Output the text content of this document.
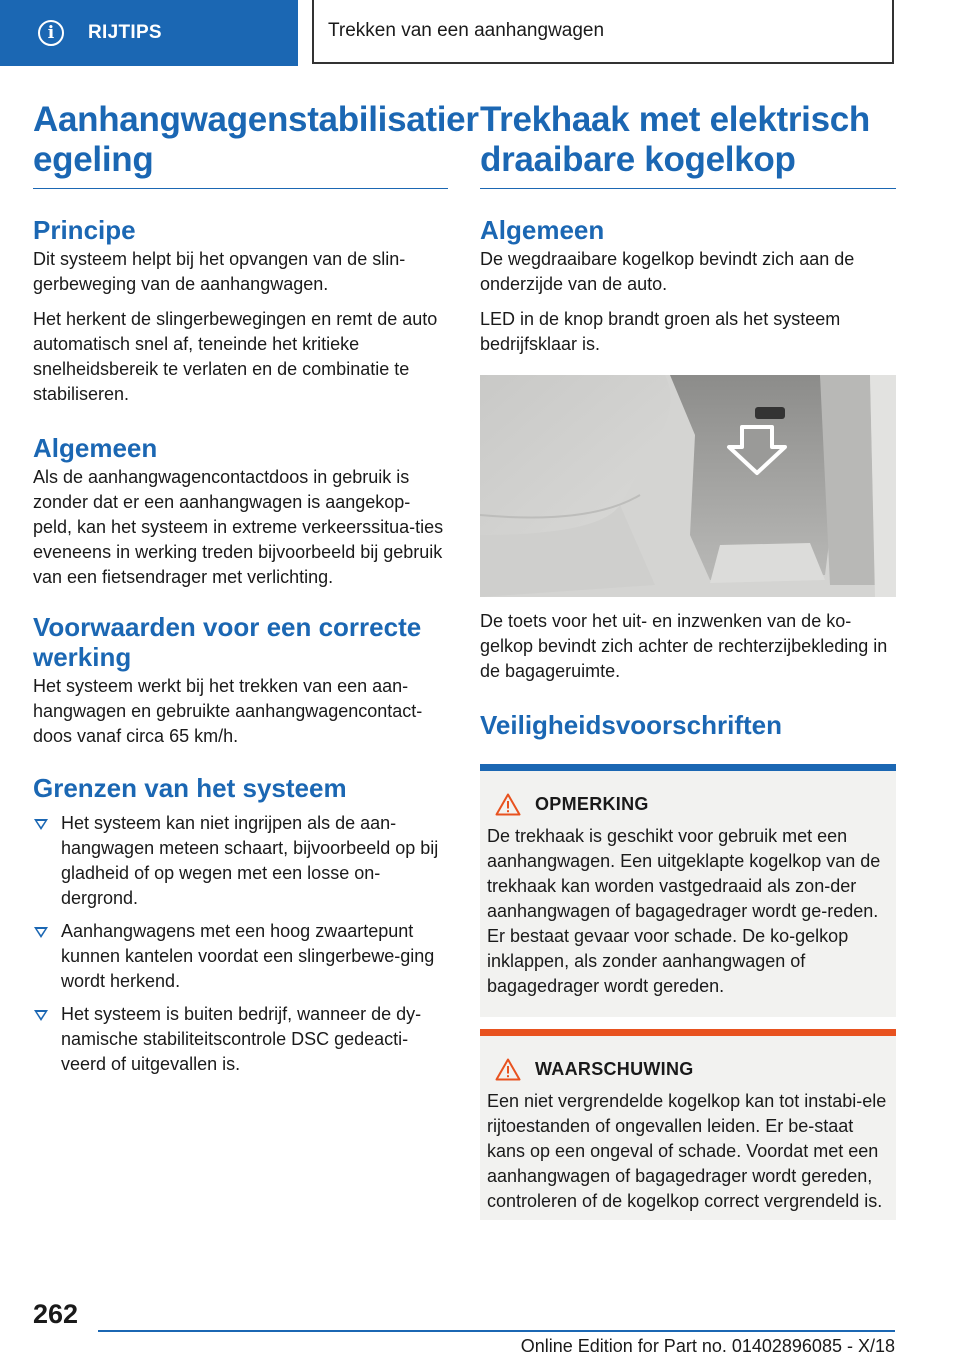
i	RIJTIPS	Trekken van een aanhangwagen
Aanhangwagenstabilisatier
egeling
Principe

Dit systeem helpt bij het opvangen van de slin-gerbeweging van de aanhangwagen.

Het herkent de slingerbewegingen en remt de auto automatisch snel af, teneinde het kritieke snelheidsbereik te verlaten en de combinatie te stabiliseren.

Algemeen

Als de aanhangwagencontactdoos in gebruik is zonder dat er een aanhangwagen is aangekop-peld, kan het systeem in extreme verkeerssitua-ties eveneens in werking treden bijvoorbeeld bij gebruik van een fietsendrager met verlichting.

Voorwaarden voor een correcte werking

Het systeem werkt bij het trekken van een aan-hangwagen en gebruikte aanhangwagencontact-doos vanaf circa 65 km/h.

Grenzen van het systeem
Het systeem kan niet ingrijpen als de aan-hangwagen meteen schaart, bijvoorbeeld op bij gladheid of op wegen met een losse on-dergrond.
Aanhangwagens met een hoog zwaartepunt kunnen kantelen voordat een slingerbewe-ging wordt herkend.
Het systeem is buiten bedrijf, wanneer de dy-namische stabiliteitscontrole DSC gedeacti-veerd of uitgevallen is.
Trekhaak met elektrisch
draaibare kogelkop
Algemeen

De wegdraaibare kogelkop bevindt zich aan de onderzijde van de auto.

LED in de knop brandt groen als het systeem bedrijfsklaar is.

De toets voor het uit- en inzwenken van de ko-gelkop bevindt zich achter de rechterzijbekleding in de bagageruimte.

Veiligheidsvoorschriften
OPMERKING

De trekhaak is geschikt voor gebruik met een aanhangwagen. Een uitgeklapte kogelkop van de trekhaak kan worden vastgedraaid als zon-der aanhangwagen of bagagedrager wordt ge-reden. Er bestaat gevaar voor schade. De ko-gelkop inklappen, als zonder aanhangwagen of bagagedrager wordt gereden.

WAARSCHUWING

Een niet vergrendelde kogelkop kan tot instabi-ele rijtoestanden of ongevallen leiden. Er be-staat kans op een ongeval of schade. Voordat met een aanhangwagen of bagagedrager wordt gereden, controleren of de kogelkop correct vergrendeld is.

262
Online Edition for Part no. 01402896085 - X/18
